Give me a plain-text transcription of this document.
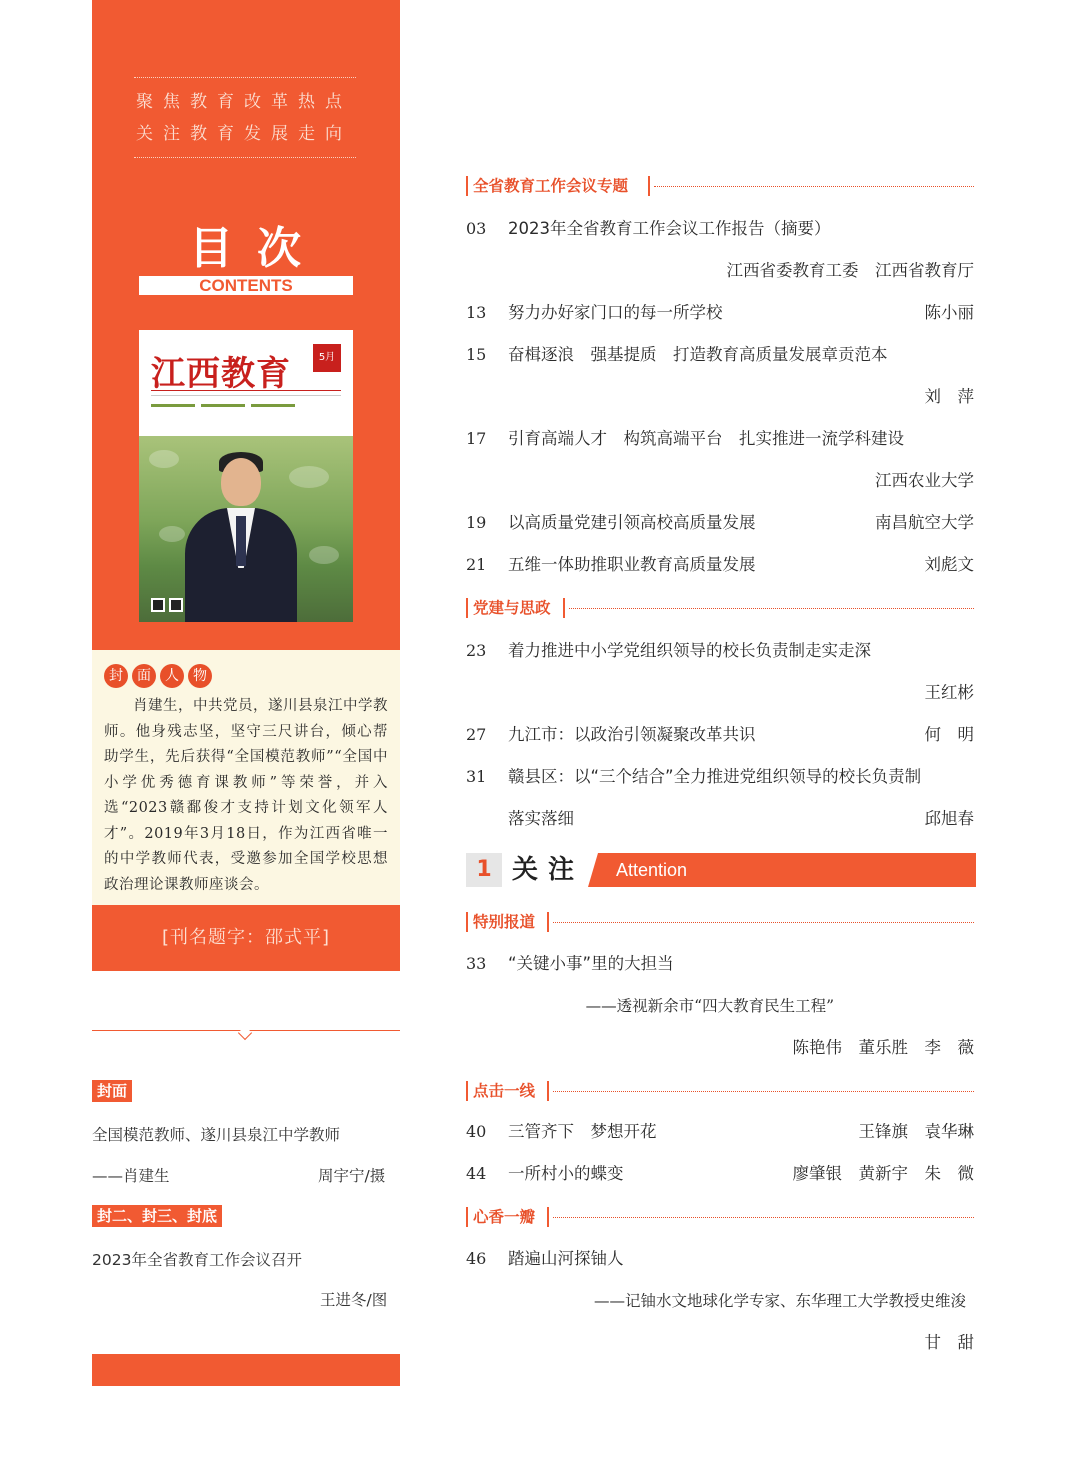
聚焦教育改革热点
关注教育发展走向
目次
CONTENTS
江西教育	5月
封	面	人	物

肖建生，中共党员，遂川县泉江中学教师。他身残志坚，坚守三尺讲台，倾心帮助学生，先后获得“全国模范教师”“全国中小学优秀德育课教师”等荣誉，并入选“2023赣鄱俊才支持计划文化领军人才”。2019年3月18日，作为江西省唯一的中学教师代表，受邀参加全国学校思想政治理论课教师座谈会。

[刊名题字：邵式平]
封面
全国模范教师、遂川县泉江中学教师
——肖建生	周宇宁/摄
封二、封三、封底
2023年全省教育工作会议召开
王进冬/图
全省教育工作会议专题
03 2023年全省教育工作会议工作报告（摘要）
江西省委教育工委　江西省教育厅
13 努力办好家门口的每一所学校	陈小丽
15 奋楫逐浪　强基提质　打造教育高质量发展章贡范本
刘　萍
17 引育高端人才　构筑高端平台　扎实推进一流学科建设
江西农业大学
19 以高质量党建引领高校高质量发展	南昌航空大学
21 五维一体助推职业教育高质量发展	刘彪文
党建与思政
23 着力推进中小学党组织领导的校长负责制走实走深
王红彬
27 九江市：以政治引领凝聚改革共识	何　明
31 赣县区：以“三个结合”全力推进党组织领导的校长负责制
落实落细	邱旭春
1 关注 Attention
特别报道
33 “关键小事”里的大担当
——透视新余市“四大教育民生工程”
陈艳伟　董乐胜　李　薇
点击一线
40 三管齐下　梦想开花	王锋旗　袁华琳
44 一所村小的蝶变	廖肇银　黄新宇　朱　微
心香一瓣
46 踏遍山河探铀人
——记铀水文地球化学专家、东华理工大学教授史维浚
甘　甜
